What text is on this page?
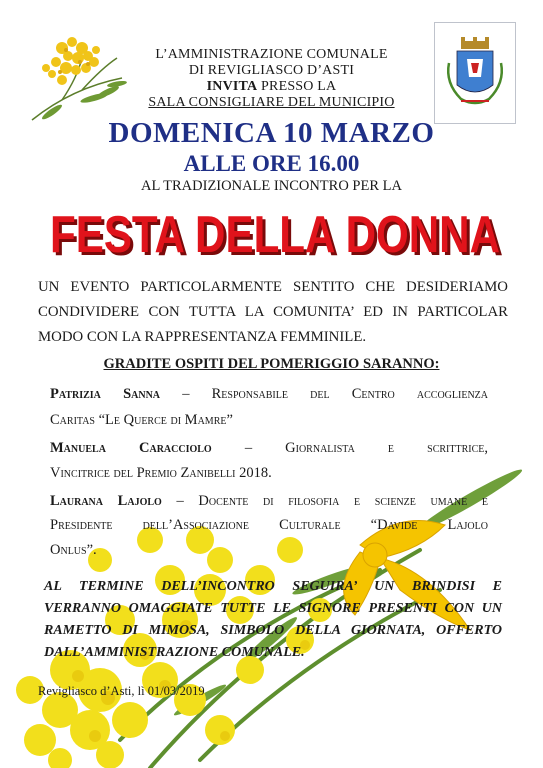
L’AMMINISTRAZIONE COMUNALE
DI REVIGLIASCO D’ASTI
INVITA PRESSO LA
SALA CONSIGLIARE DEL MUNICIPIO
DOMENICA 10 MARZO
ALLE ORE 16.00
AL TRADIZIONALE INCONTRO PER LA
FESTA DELLA DONNA
FESTA DELLA DONNA
UN EVENTO PARTICOLARMENTE SENTITO CHE DESIDERIAMO
CONDIVIDERE CON TUTTA LA COMUNITA’ ED IN PARTICOLAR
MODO CON LA RAPPRESENTANZA FEMMINILE.
GRADITE OSPITI DEL POMERIGGIO SARANNO:
Patrizia Sanna – Responsabile del Centro accoglienza
Caritas “Le Querce di Mamre”
Manuela Caracciolo – Giornalista e scrittrice,
Vincitrice del Premio Zanibelli 2018.
Laurana Lajolo – Docente di filosofia e scienze umane e
Presidente dell’Associazione Culturale “Davide Lajolo
Onlus”.
AL TERMINE DELL’INCONTRO SEGUIRA’ UN BRINDISI E
VERRANNO OMAGGIATE TUTTE LE SIGNORE PRESENTI CON UN
RAMETTO DI MIMOSA, SIMBOLO DELLA GIORNATA, OFFERTO
DALL’AMMINISTRAZIONE COMUNALE.
Revigliasco d’Asti, lì 01/03/2019
